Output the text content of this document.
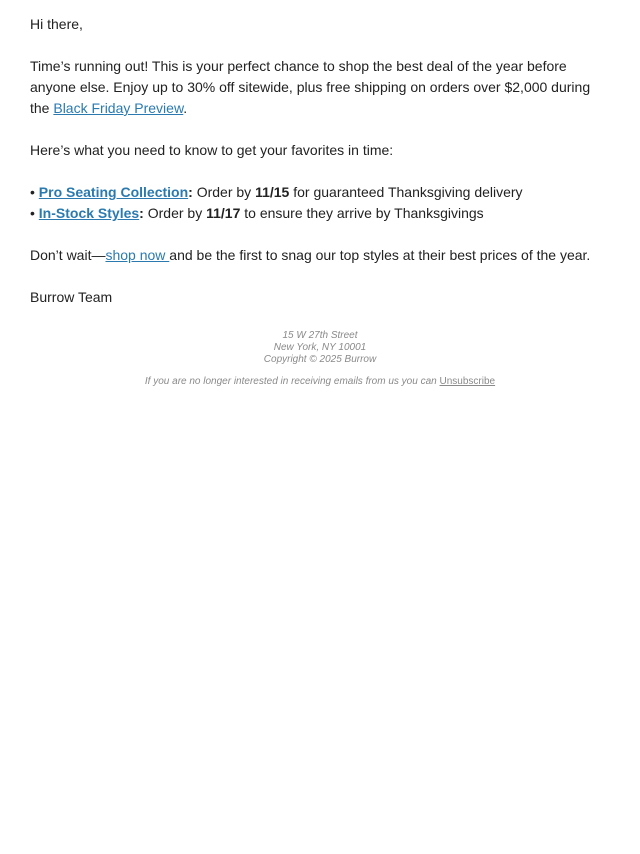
Hi there,

Time’s running out! This is your perfect chance to shop the best deal of the year before anyone else. Enjoy up to 30% off sitewide, plus free shipping on orders over $2,000 during the Black Friday Preview.

Here’s what you need to know to get your favorites in time:

• Pro Seating Collection: Order by 11/15 for guaranteed Thanksgiving delivery
• In-Stock Styles: Order by 11/17 to ensure they arrive by Thanksgivings

Don’t wait—shop now and be the first to snag our top styles at their best prices of the year.

Burrow Team

15 W 27th Street
New York, NY 10001
Copyright © 2025 Burrow
If you are no longer interested in receiving emails from us you can Unsubscribe
